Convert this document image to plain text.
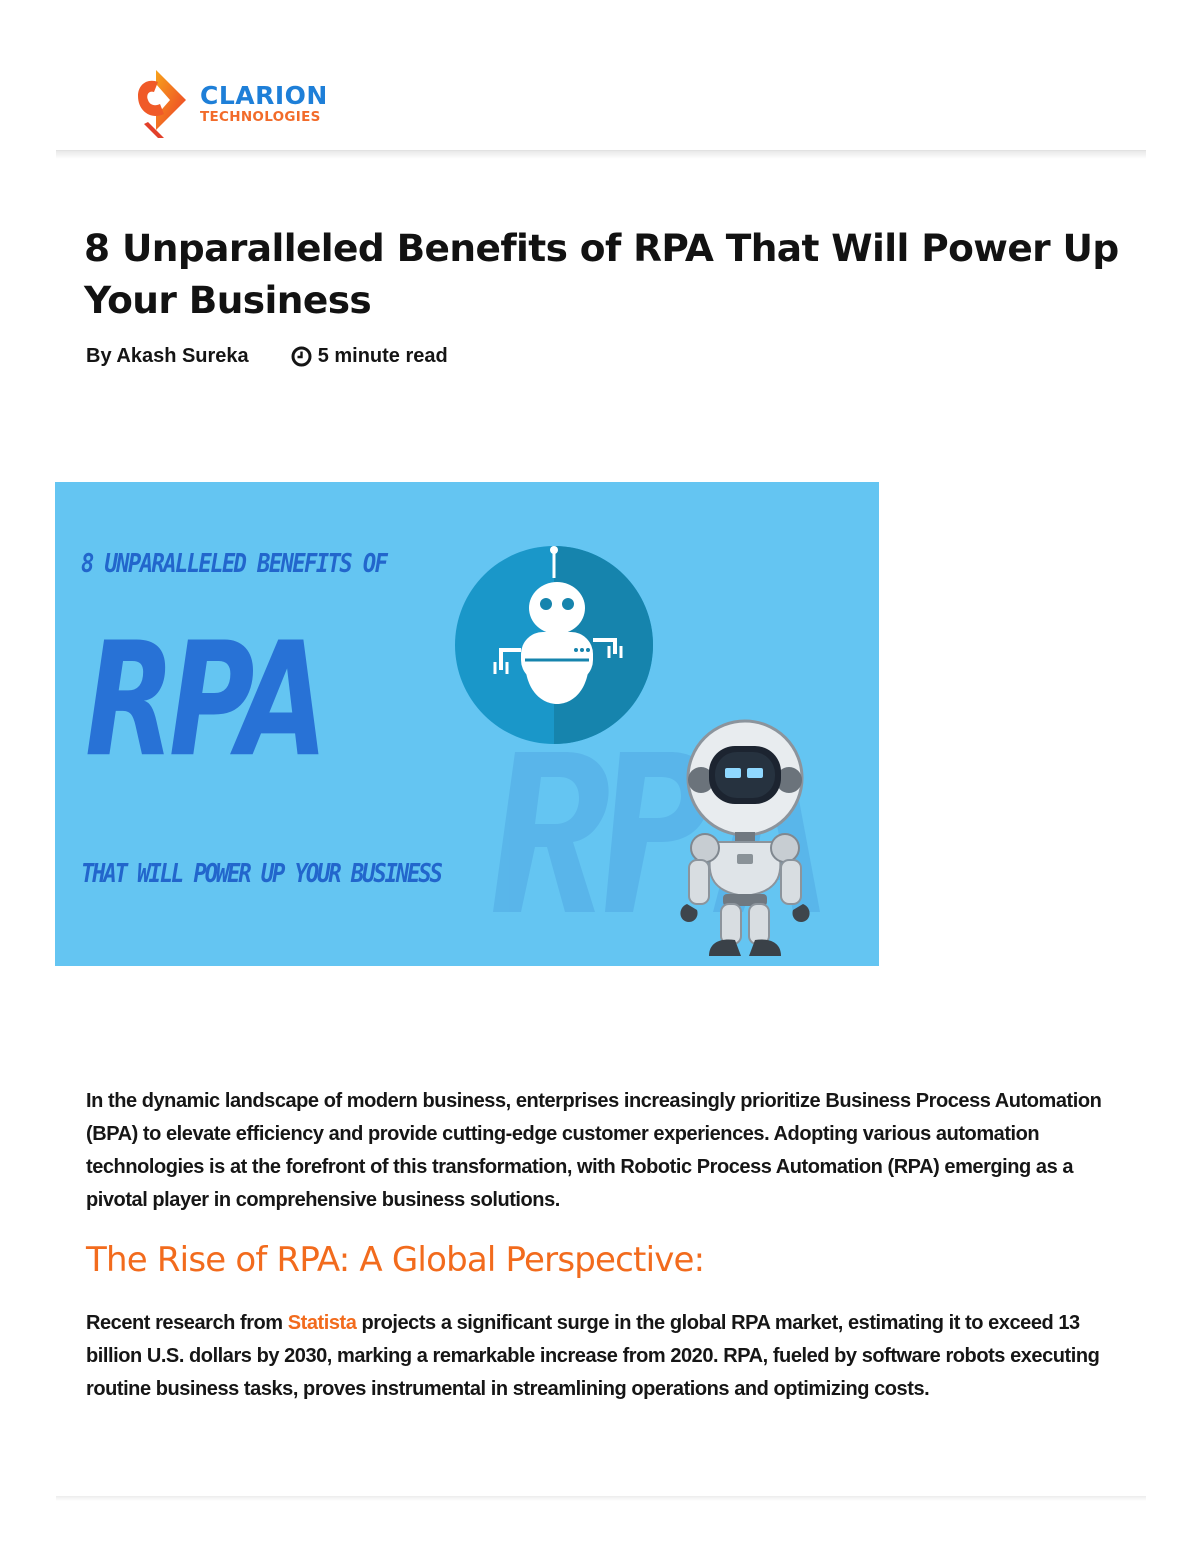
CLARION
TECHNOLOGIES
8 Unparalleled Benefits of RPA That Will Power Up Your Business
By Akash Sureka	5 minute read
8 UNPARALLELED BENEFITS OF
RPA
THAT WILL POWER UP YOUR BUSINESS

In the dynamic landscape of modern business, enterprises increasingly prioritize Business Process Automation (BPA) to elevate efficiency and provide cutting-edge customer experiences. Adopting various automation technologies is at the forefront of this transformation, with Robotic Process Automation (RPA) emerging as a pivotal player in comprehensive business solutions.

The Rise of RPA: A Global Perspective:

Recent research from Statista projects a significant surge in the global RPA market, estimating it to exceed 13 billion U.S. dollars by 2030, marking a remarkable increase from 2020. RPA, fueled by software robots executing routine business tasks, proves instrumental in streamlining operations and optimizing costs.
